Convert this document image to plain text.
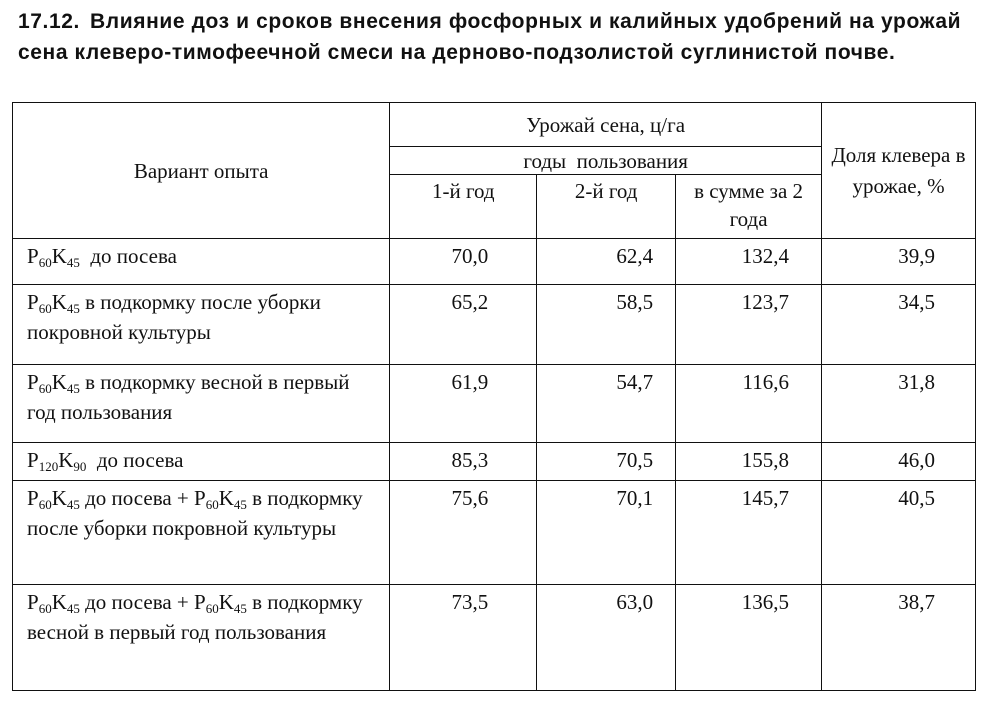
17.12. Влияние доз и сроков внесения фосфорных и калийных удобрений на урожай сена клеверо-тимофеечной смеси на дерново-подзолистой суглинистой почве.
Вариант опыта	Урожай сена, ц/га			Доля клевера в урожае, %
	годы  пользования			
	1-й год	2-й год	в сумме за 2 года	

$P_{60}K_{45}$  до посева	70,0	62,4	132,4	39,9

$P_{60}K_{45}$ в подкормку после уборки покровной культуры	65,2	58,5	123,7	34,5

$P_{60}K_{45}$ в подкормку весной в первый год пользования	61,9	54,7	116,6	31,8

$P_{120}K_{90}$  до посева	85,3	70,5	155,8	46,0

$P_{60}K_{45}$ до посева + $P_{60}K_{45}$ в подкормку после уборки покровной культуры	75,6	70,1	145,7	40,5

$P_{60}K_{45}$ до посева + $P_{60}K_{45}$ в подкормку весной в первый год пользования	73,5	63,0	136,5	38,7
